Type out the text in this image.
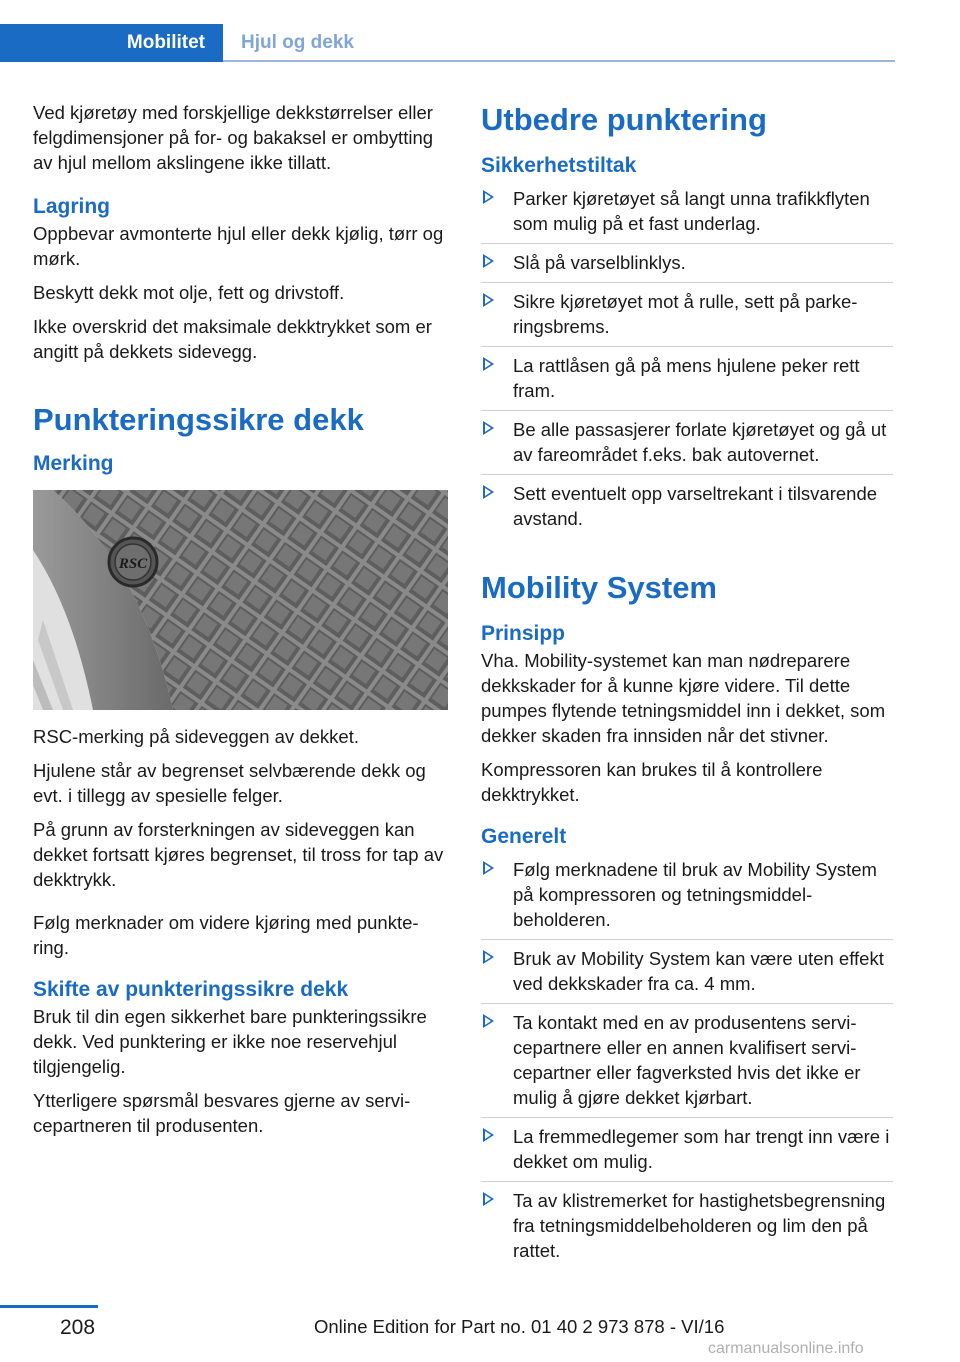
Mobilitet	Hjul og dekk

Ved kjøretøy med forskjellige dekkstørrelser eller felgdimensjoner på for- og bakaksel er ombytting av hjul mellom akslingene ikke tillatt.

Lagring

Oppbevar avmonterte hjul eller dekk kjølig, tørr og mørk.

Beskytt dekk mot olje, fett og drivstoff.

Ikke overskrid det maksimale dekktrykket som er angitt på dekkets sidevegg.

Punkteringssikre dekk
Merking
RSC

RSC-merking på sideveggen av dekket.

Hjulene står av begrenset selvbærende dekk og evt. i tillegg av spesielle felger.

På grunn av forsterkningen av sideveggen kan dekket fortsatt kjøres begrenset, til tross for tap av dekktrykk.

Følg merknader om videre kjøring med punktering.

Skifte av punkteringssikre dekk

Bruk til din egen sikkerhet bare punkteringssikre dekk. Ved punktering er ikke noe reservehjul tilgjengelig.

Ytterligere spørsmål besvares gjerne av servicepartneren til produsenten.

Utbedre punktering
Sikkerhetstiltak
Parker kjøretøyet så langt unna trafikkflyten som mulig på et fast underlag.
Slå på varselblinklys.
Sikre kjøretøyet mot å rulle, sett på parkeringsbrems.
La rattlåsen gå på mens hjulene peker rett fram.
Be alle passasjerer forlate kjøretøyet og gå ut av fareområdet f.eks. bak autovernet.
Sett eventuelt opp varseltrekant i tilsvarende avstand.
Mobility System
Prinsipp

Vha. Mobility-systemet kan man nødreparere dekkskader for å kunne kjøre videre. Til dette pumpes flytende tetningsmiddel inn i dekket, som dekker skaden fra innsiden når det stivner.

Kompressoren kan brukes til å kontrollere dekktrykket.

Generelt
Følg merknadene til bruk av Mobility System på kompressoren og tetningsmiddelbeholderen.
Bruk av Mobility System kan være uten effekt ved dekkskader fra ca. 4 mm.
Ta kontakt med en av produsentens servicepartnere eller en annen kvalifisert servicepartner eller fagverksted hvis det ikke er mulig å gjøre dekket kjørbart.
La fremmedlegemer som har trengt inn være i dekket om mulig.
Ta av klistremerket for hastighetsbegrensning fra tetningsmiddelbeholderen og lim den på rattet.
208	Online Edition for Part no. 01 40 2 973 878 - VI/16
carmanualsonline.info
